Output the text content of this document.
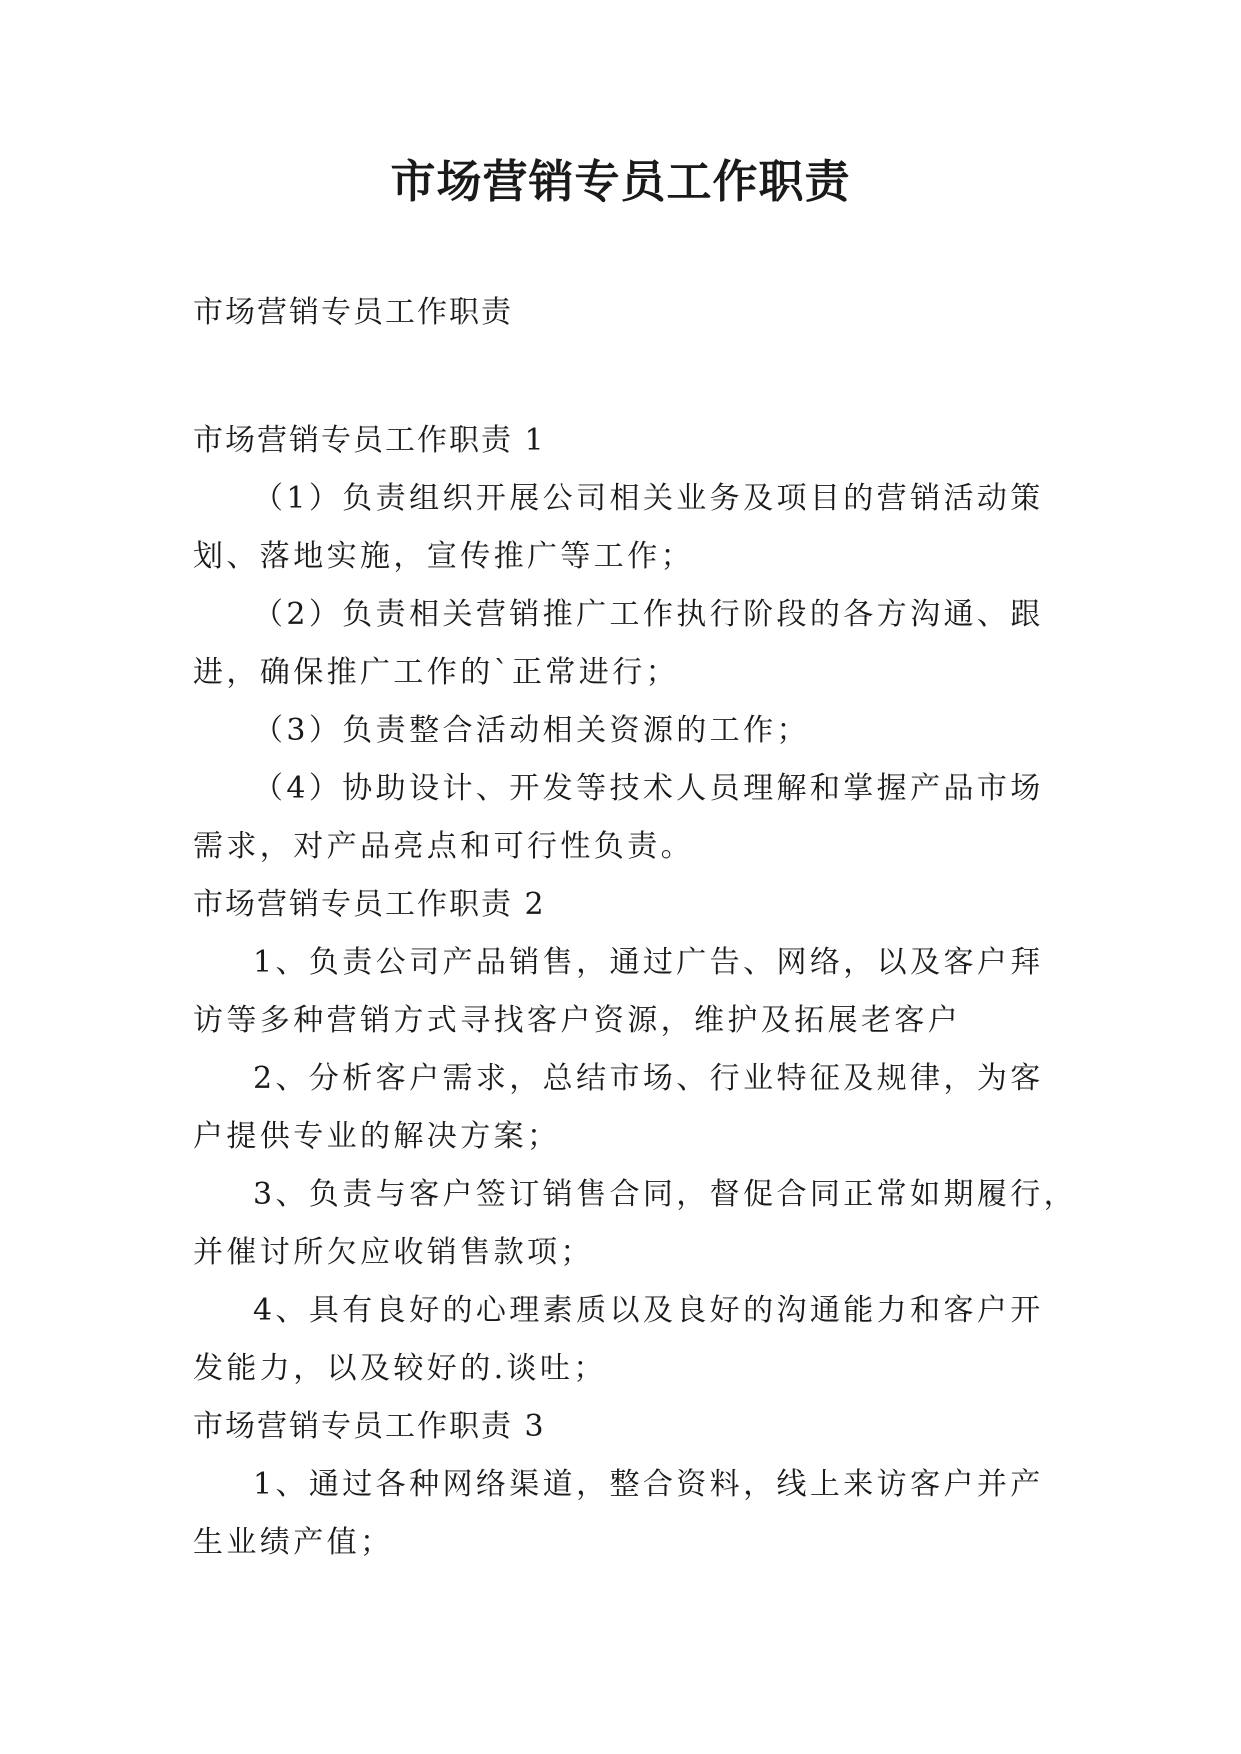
市场营销专员工作职责

市场营销专员工作职责

市场营销专员工作职责 1

（1）负责组织开展公司相关业务及项目的营销活动策
划、落地实施，宣传推广等工作；

（2）负责相关营销推广工作执行阶段的各方沟通、跟
进，确保推广工作的`正常进行；

（3）负责整合活动相关资源的工作；

（4）协助设计、开发等技术人员理解和掌握产品市场
需求，对产品亮点和可行性负责。

市场营销专员工作职责 2

1、负责公司产品销售，通过广告、网络，以及客户拜
访等多种营销方式寻找客户资源，维护及拓展老客户

2、分析客户需求，总结市场、行业特征及规律，为客
户提供专业的解决方案；

3、负责与客户签订销售合同，督促合同正常如期履行，
并催讨所欠应收销售款项；

4、具有良好的心理素质以及良好的沟通能力和客户开
发能力，以及较好的.谈吐；

市场营销专员工作职责 3

1、通过各种网络渠道，整合资料，线上来访客户并产
生业绩产值；
